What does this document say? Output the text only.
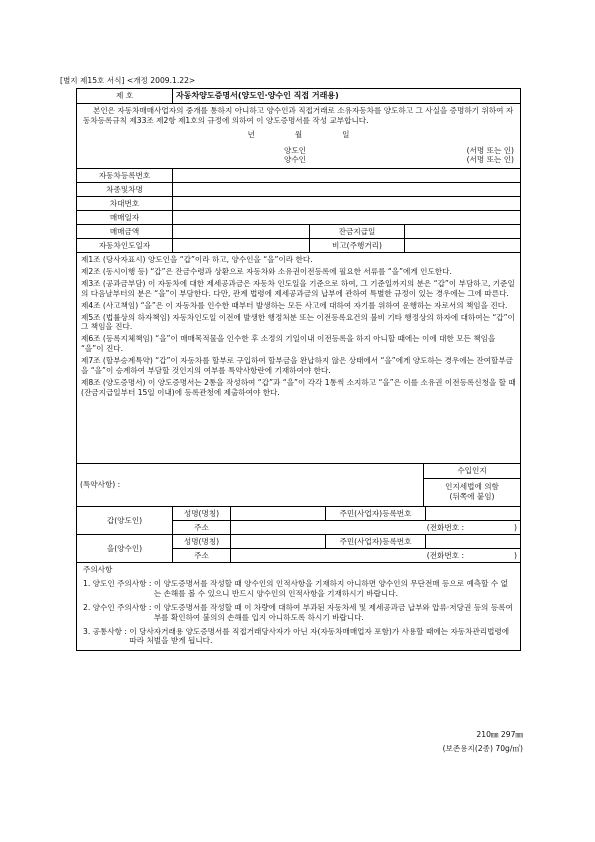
[별지 제15호 서식] <개정 2009.1.22>
제 호	자동차양도증명서(양도인·양수인 직접 거래용)

본인은 자동차매매사업자의 중개를 통하지 아니하고 양수인과 직접거래로 소유자동차를 양도하고 그 사실을 증명하기 위하여 자동차등록규칙 제33조 제2항 제1호의 규정에 의하여 이 양도증명서를 작성 교부합니다.

년	월	일
양도인	(서명 또는 인)
양수인	(서명 또는 인)
자동차등록번호
차종및차명
차대번호
매매일자
매매금액	잔금지급일
자동차인도일자	비고(주행거리)
제1조 (당사자표시) 양도인을 “갑”이라 하고, 양수인을 “을”이라 한다.
제2조 (동시이행 등) “갑”은 잔금수령과 상환으로 자동차와 소유권이전등록에 필요한 서류를 “을”에게 인도한다.
제3조 (공과금부담) 이 자동차에 대한 제세공과금은 자동차 인도일을 기준으로 하여, 그 기준일까지의 분은 “갑”이 부담하고, 기준일의 다음날부터의 분은 “을”이 부담한다. 다만, 관계 법령에 제세공과금의 납부에 관하여 특별한 규정이 있는 경우에는 그에 따른다.
제4조 (사고책임) “을”은 이 자동차를 인수한 때부터 발생하는 모든 사고에 대하여 자기를 위하여 운행하는 자로서의 책임을 진다.
제5조 (법률상의 하자책임) 자동차인도일 이전에 발생한 행정처분 또는 이전등록요건의 불비 기타 행정상의 하자에 대하여는 “갑”이 그 책임을 진다.
제6조 (등록지체책임) “을”이 매매목적물을 인수한 후 소정의 기일이내 이전등록을 하지 아니할 때에는 이에 대한 모든 책임을 “을”이 진다.
제7조 (할부승계특약) “갑”이 자동차를 할부로 구입하여 할부금을 완납하지 않은 상태에서 “을”에게 양도하는 경우에는 잔여할부금을 “을”이 승계하여 부담할 것인지의 여부를 특약사항란에 기재하여야 한다.
제8조 (양도증명서) 이 양도증명서는 2통을 작성하여 “갑”과 “을”이 각각 1통씩 소지하고 “을”은 이를 소유권 이전등록신청을 할 때(잔금지급일부터 15일 이내)에 등록관청에 제출하여야 한다.
(특약사항) :
수입인지
인지세법에 의함
(뒤쪽에 붙임)
갑(양도인)
성명(명칭)	주민(사업자)등록번호
주소	(전화번호 :	)
을(양수인)
성명(명칭)	주민(사업자)등록번호
주소	(전화번호 :	)
주의사항
1. 양도인 주의사항 : 이 양도증명서를 작성할 때 양수인의 인적사항을 기재하지 아니하면 양수인의 무단전매 등으로 예측할 수 없는 손해를 볼 수 있으니 반드시 양수인의 인적사항을 기재하시기 바랍니다.
2. 양수인 주의사항 : 이 양도증명서를 작성할 때 이 차량에 대하여 부과된 자동차세 및 제세공과금 납부와 압류·저당권 등의 등록여부를 확인하여 불의의 손해를 입지 아니하도록 하시기 바랍니다.
3. 공통사항 : 이 당사자거래용 양도증명서를 직접거래당사자가 아닌 자(자동차매매업자 포함)가 사용할 때에는 자동차관리법령에 따라 처벌을 받게 됩니다.
210㎜ 297㎜
(보존용지(2종) 70g/㎡)
